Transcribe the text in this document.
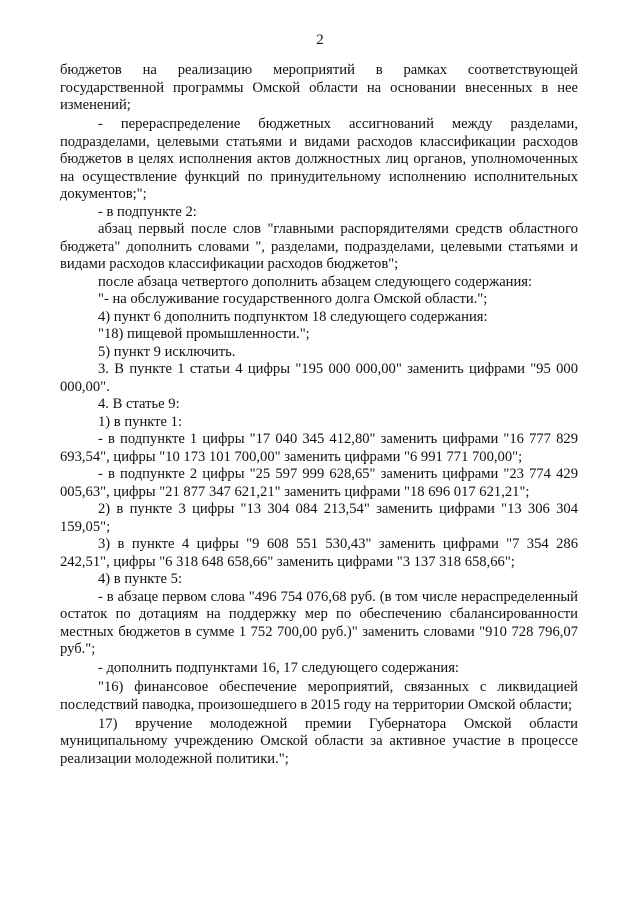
2

бюджетов на реализацию мероприятий в рамках соответствующей государственной программы Омской области на основании внесенных в нее изменений;

- перераспределение бюджетных ассигнований между разделами, подразделами, целевыми статьями и видами расходов классификации расходов бюджетов в целях исполнения актов должностных лиц органов, уполномоченных на осуществление функций по принудительному исполнению исполнительных документов;";

- в подпункте 2:

абзац первый после слов "главными распорядителями средств областного бюджета" дополнить словами ", разделами, подразделами, целевыми статьями и видами расходов классификации расходов бюджетов";

после абзаца четвертого дополнить абзацем следующего содержания:

"- на обслуживание государственного долга Омской области.";

4) пункт 6 дополнить подпунктом 18 следующего содержания:

"18) пищевой промышленности.";

5) пункт 9 исключить.

3. В пункте 1 статьи 4 цифры "195 000 000,00" заменить цифрами "95 000 000,00".

4. В статье 9:

1) в пункте 1:

- в подпункте 1 цифры "17 040 345 412,80" заменить цифрами "16 777 829 693,54", цифры "10 173 101 700,00" заменить цифрами "6 991 771 700,00";

- в подпункте 2 цифры "25 597 999 628,65" заменить цифрами "23 774 429 005,63", цифры "21 877 347 621,21" заменить цифрами "18 696 017 621,21";

2) в пункте 3 цифры "13 304 084 213,54" заменить цифрами "13 306 304 159,05";

3) в пункте 4 цифры "9 608 551 530,43" заменить цифрами "7 354 286 242,51", цифры "6 318 648 658,66" заменить цифрами "3 137 318 658,66";

4) в пункте 5:

- в абзаце первом слова "496 754 076,68 руб. (в том числе нераспределенный остаток по дотациям на поддержку мер по обеспечению сбалансированности местных бюджетов в сумме 1 752 700,00 руб.)" заменить словами "910 728 796,07 руб.";

- дополнить подпунктами 16, 17 следующего содержания:

"16) финансовое обеспечение мероприятий, связанных с ликвидацией последствий паводка, произошедшего в 2015 году на территории Омской области;

17) вручение молодежной премии Губернатора Омской области муниципальному учреждению Омской области за активное участие в процессе реализации молодежной политики.";
